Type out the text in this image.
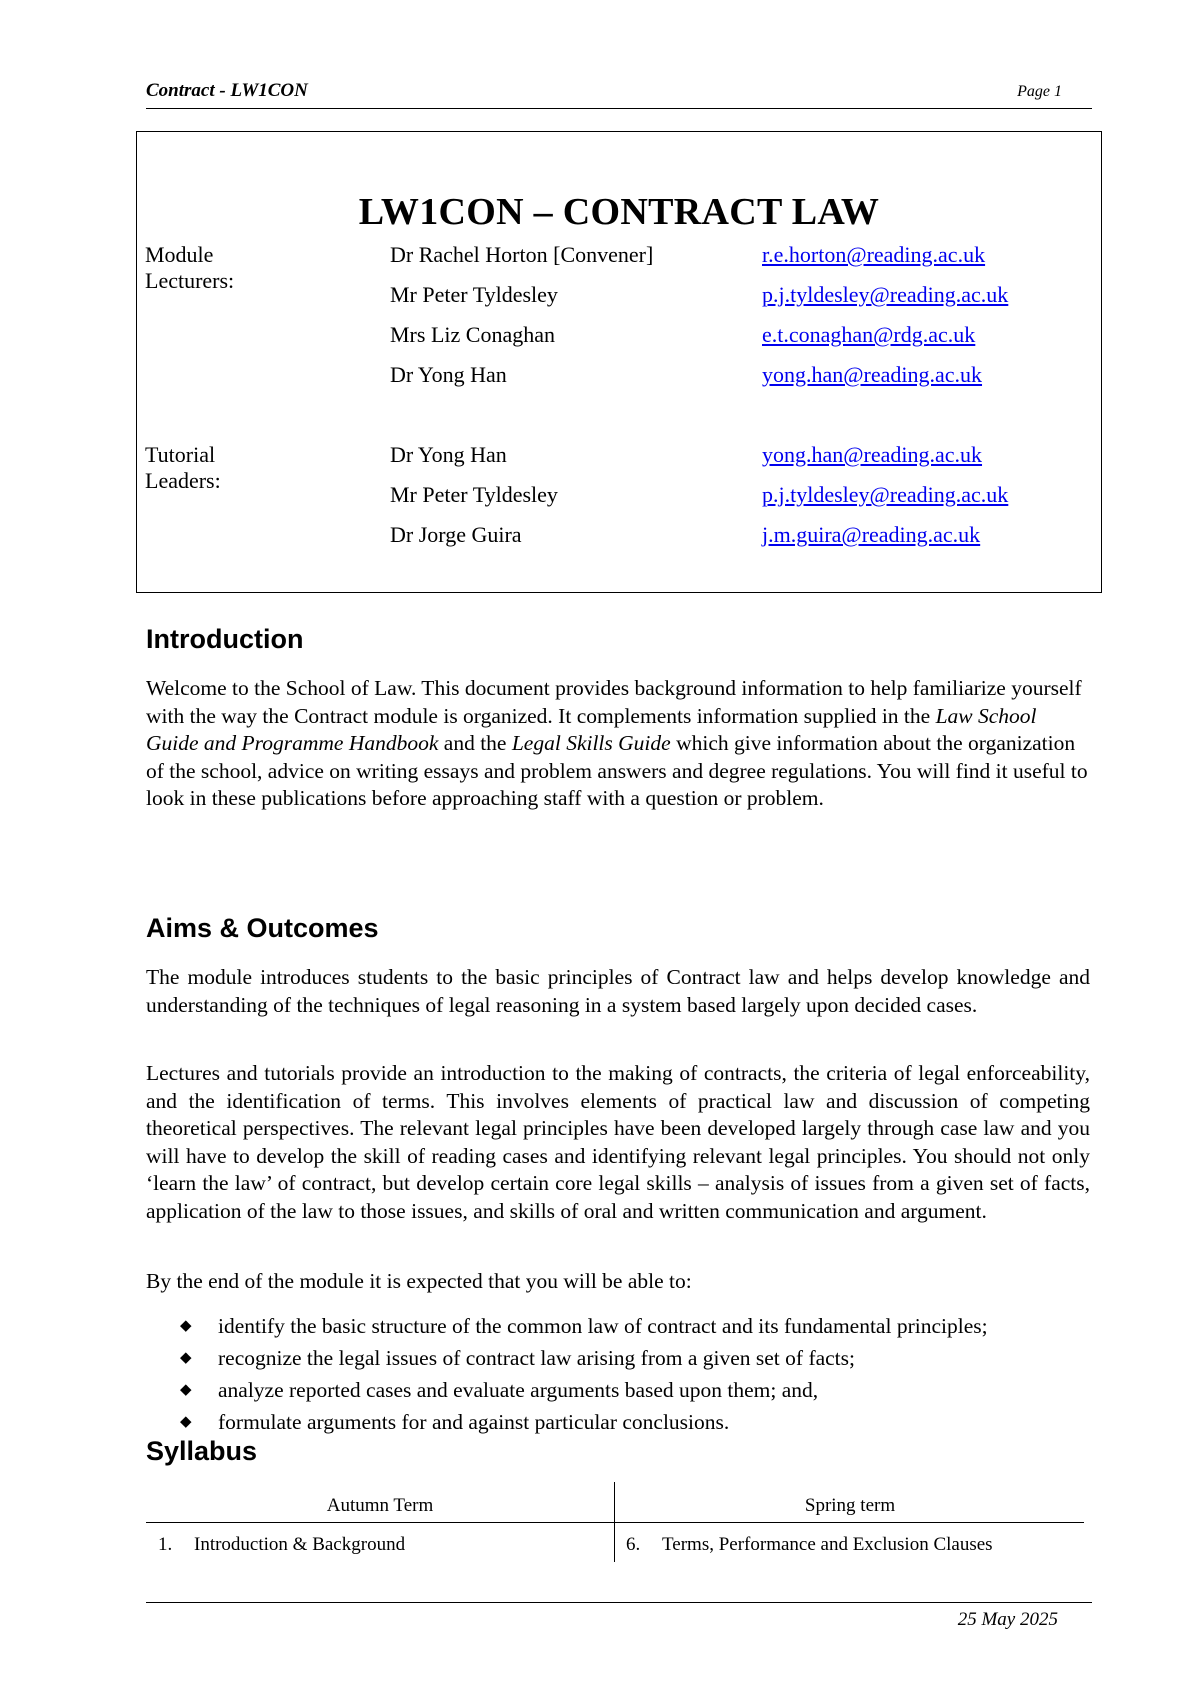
Contract - LW1CON	Page 1
LW1CON – CONTRACT LAW
Module Lecturers:
Dr Rachel Horton [Convener]	r.e.horton@reading.ac.uk
Mr Peter Tyldesley	p.j.tyldesley@reading.ac.uk
Mrs Liz Conaghan	e.t.conaghan@rdg.ac.uk
Dr Yong Han	yong.han@reading.ac.uk
Tutorial Leaders:
Dr Yong Han	yong.han@reading.ac.uk
Mr Peter Tyldesley	p.j.tyldesley@reading.ac.uk
Dr Jorge Guira	j.m.guira@reading.ac.uk
Introduction

Welcome to the School of Law. This document provides background information to help familiarize yourself with the way the Contract module is organized. It complements information supplied in the Law School Guide and Programme Handbook and the Legal Skills Guide which give information about the organization of the school, advice on writing essays and problem answers and degree regulations. You will find it useful to look in these publications before approaching staff with a question or problem.

Aims & Outcomes

The module introduces students to the basic principles of Contract law and helps develop knowledge and understanding of the techniques of legal reasoning in a system based largely upon decided cases.

Lectures and tutorials provide an introduction to the making of contracts, the criteria of legal enforceability, and the identification of terms. This involves elements of practical law and discussion of competing theoretical perspectives. The relevant legal principles have been developed largely through case law and you will have to develop the skill of reading cases and identifying relevant legal principles. You should not only ‘learn the law’ of contract, but develop certain core legal skills – analysis of issues from a given set of facts, application of the law to those issues, and skills of oral and written communication and argument.

By the end of the module it is expected that you will be able to:

◆ identify the basic structure of the common law of contract and its fundamental principles;
◆ recognize the legal issues of contract law arising from a given set of facts;
◆ analyze reported cases and evaluate arguments based upon them; and,
◆ formulate arguments for and against particular conclusions.
Syllabus
Autumn Term	Spring term
1. Introduction & Background	6. Terms, Performance and Exclusion Clauses
25 May 2025
